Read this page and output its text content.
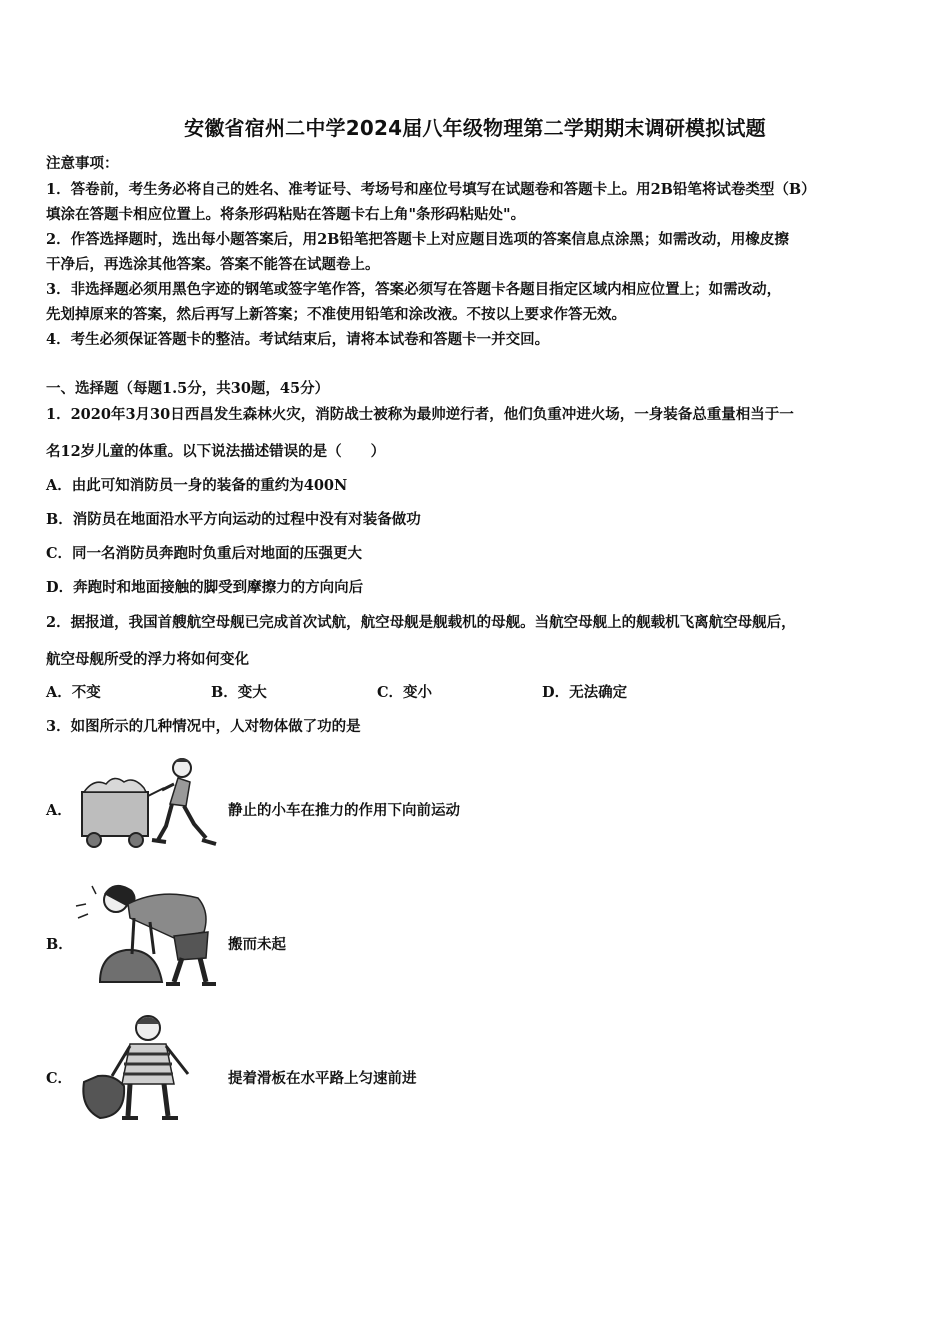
安徽省宿州二中学2024届八年级物理第二学期期末调研模拟试题
注意事项：
1．答卷前，考生务必将自己的姓名、准考证号、考场号和座位号填写在试题卷和答题卡上。用2B铅笔将试卷类型（B）
填涂在答题卡相应位置上。将条形码粘贴在答题卡右上角"条形码粘贴处"。
2．作答选择题时，选出每小题答案后，用2B铅笔把答题卡上对应题目选项的答案信息点涂黑；如需改动，用橡皮擦
干净后，再选涂其他答案。答案不能答在试题卷上。
3．非选择题必须用黑色字迹的钢笔或签字笔作答，答案必须写在答题卡各题目指定区域内相应位置上；如需改动，
先划掉原来的答案，然后再写上新答案；不准使用铅笔和涂改液。不按以上要求作答无效。
4．考生必须保证答题卡的整洁。考试结束后，请将本试卷和答题卡一并交回。
一、选择题（每题1.5分，共30题，45分）
1．2020年3月30日西昌发生森林火灾，消防战士被称为最帅逆行者，他们负重冲进火场，一身装备总重量相当于一
名12岁儿童的体重。以下说法描述错误的是（　　）
A．由此可知消防员一身的装备的重约为400N
B．消防员在地面沿水平方向运动的过程中没有对装备做功
C．同一名消防员奔跑时负重后对地面的压强更大
D．奔跑时和地面接触的脚受到摩擦力的方向向后
2．据报道，我国首艘航空母舰已完成首次试航，航空母舰是舰载机的母舰。当航空母舰上的舰载机飞离航空母舰后，
航空母舰所受的浮力将如何变化
A．不变	B．变大	C．变小	D．无法确定
3．如图所示的几种情况中，人对物体做了功的是
A．	静止的小车在推力的作用下向前运动
B．	搬而未起
C．	提着滑板在水平路上匀速前进
